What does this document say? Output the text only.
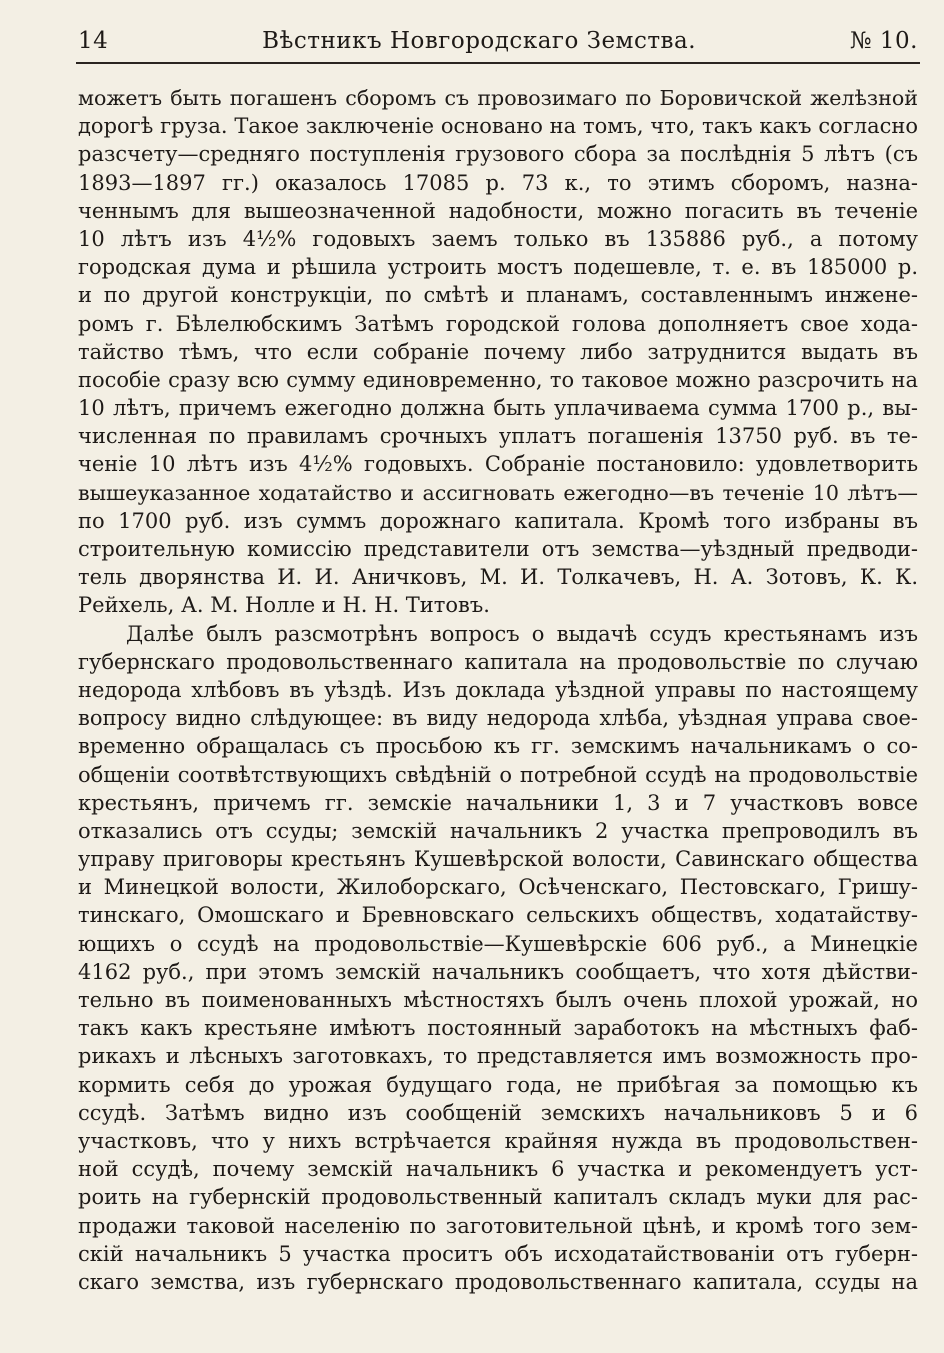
14	Вѣстникъ Новгородскаго Земства.	№ 10.
можетъ быть погашенъ сборомъ съ провозимаго по Боровичской желѣзной
дорогѣ груза. Такое заключеніе основано на томъ, что, такъ какъ согласно
разсчету—средняго поступленія грузового сбора за послѣднія 5 лѣтъ (съ
1893—1897 гг.) оказалось 17085 р. 73 к., то этимъ сборомъ, назна-
ченнымъ для вышеозначенной надобности, можно погасить въ теченіе
10 лѣтъ изъ 4½% годовыхъ заемъ только въ 135886 руб., а потому
городская дума и рѣшила устроить мостъ подешевле, т. е. въ 185000 р.
и по другой конструкціи, по смѣтѣ и планамъ, составленнымъ инжене-
ромъ г. Бѣлелюбскимъ Затѣмъ городской голова дополняетъ свое хода-
тайство тѣмъ, что если собраніе почему либо затруднится выдать въ
пособіе сразу всю сумму единовременно, то таковое можно разсрочить на
10 лѣтъ, причемъ ежегодно должна быть уплачиваема сумма 1700 р., вы-
численная по правиламъ срочныхъ уплатъ погашенія 13750 руб. въ те-
ченіе 10 лѣтъ изъ 4½% годовыхъ. Собраніе постановило: удовлетворить
вышеуказанное ходатайство и ассигновать ежегодно—въ теченіе 10 лѣтъ—
по 1700 руб. изъ суммъ дорожнаго капитала. Кромѣ того избраны въ
строительную комиссію представители отъ земства—уѣздный предводи-
тель дворянства И. И. Аничковъ, М. И. Толкачевъ, Н. А. Зотовъ, К. К.
Рейхель, А. М. Нолле и Н. Н. Титовъ.
Далѣе былъ разсмотрѣнъ вопросъ о выдачѣ ссудъ крестьянамъ изъ
губернскаго продовольственнаго капитала на продовольствіе по случаю
недорода хлѣбовъ въ уѣздѣ. Изъ доклада уѣздной управы по настоящему
вопросу видно слѣдующее: въ виду недорода хлѣба, уѣздная управа свое-
временно обращалась съ просьбою къ гг. земскимъ начальникамъ о со-
общеніи соотвѣтствующихъ свѣдѣній о потребной ссудѣ на продовольствіе
крестьянъ, причемъ гг. земскіе начальники 1, 3 и 7 участковъ вовсе
отказались отъ ссуды; земскій начальникъ 2 участка препроводилъ въ
управу приговоры крестьянъ Кушевѣрской волости, Савинскаго общества
и Минецкой волости, Жилоборскаго, Осѣченскаго, Пестовскаго, Гришу-
тинскаго, Омошскаго и Бревновскаго сельскихъ обществъ, ходатайству-
ющихъ о ссудѣ на продовольствіе—Кушевѣрскіе 606 руб., а Минецкіе
4162 руб., при этомъ земскій начальникъ сообщаетъ, что хотя дѣйстви-
тельно въ поименованныхъ мѣстностяхъ былъ очень плохой урожай, но
такъ какъ крестьяне имѣютъ постоянный заработокъ на мѣстныхъ фаб-
рикахъ и лѣсныхъ заготовкахъ, то представляется имъ возможность про-
кормить себя до урожая будущаго года, не прибѣгая за помощью къ
ссудѣ. Затѣмъ видно изъ сообщеній земскихъ начальниковъ 5 и 6
участковъ, что у нихъ встрѣчается крайняя нужда въ продовольствен-
ной ссудѣ, почему земскій начальникъ 6 участка и рекомендуетъ уст-
роить на губернскій продовольственный капиталъ складъ муки для рас-
продажи таковой населенію по заготовительной цѣнѣ, и кромѣ того зем-
скій начальникъ 5 участка проситъ объ исходатайствованіи отъ губерн-
скаго земства, изъ губернскаго продовольственнаго капитала, ссуды на
